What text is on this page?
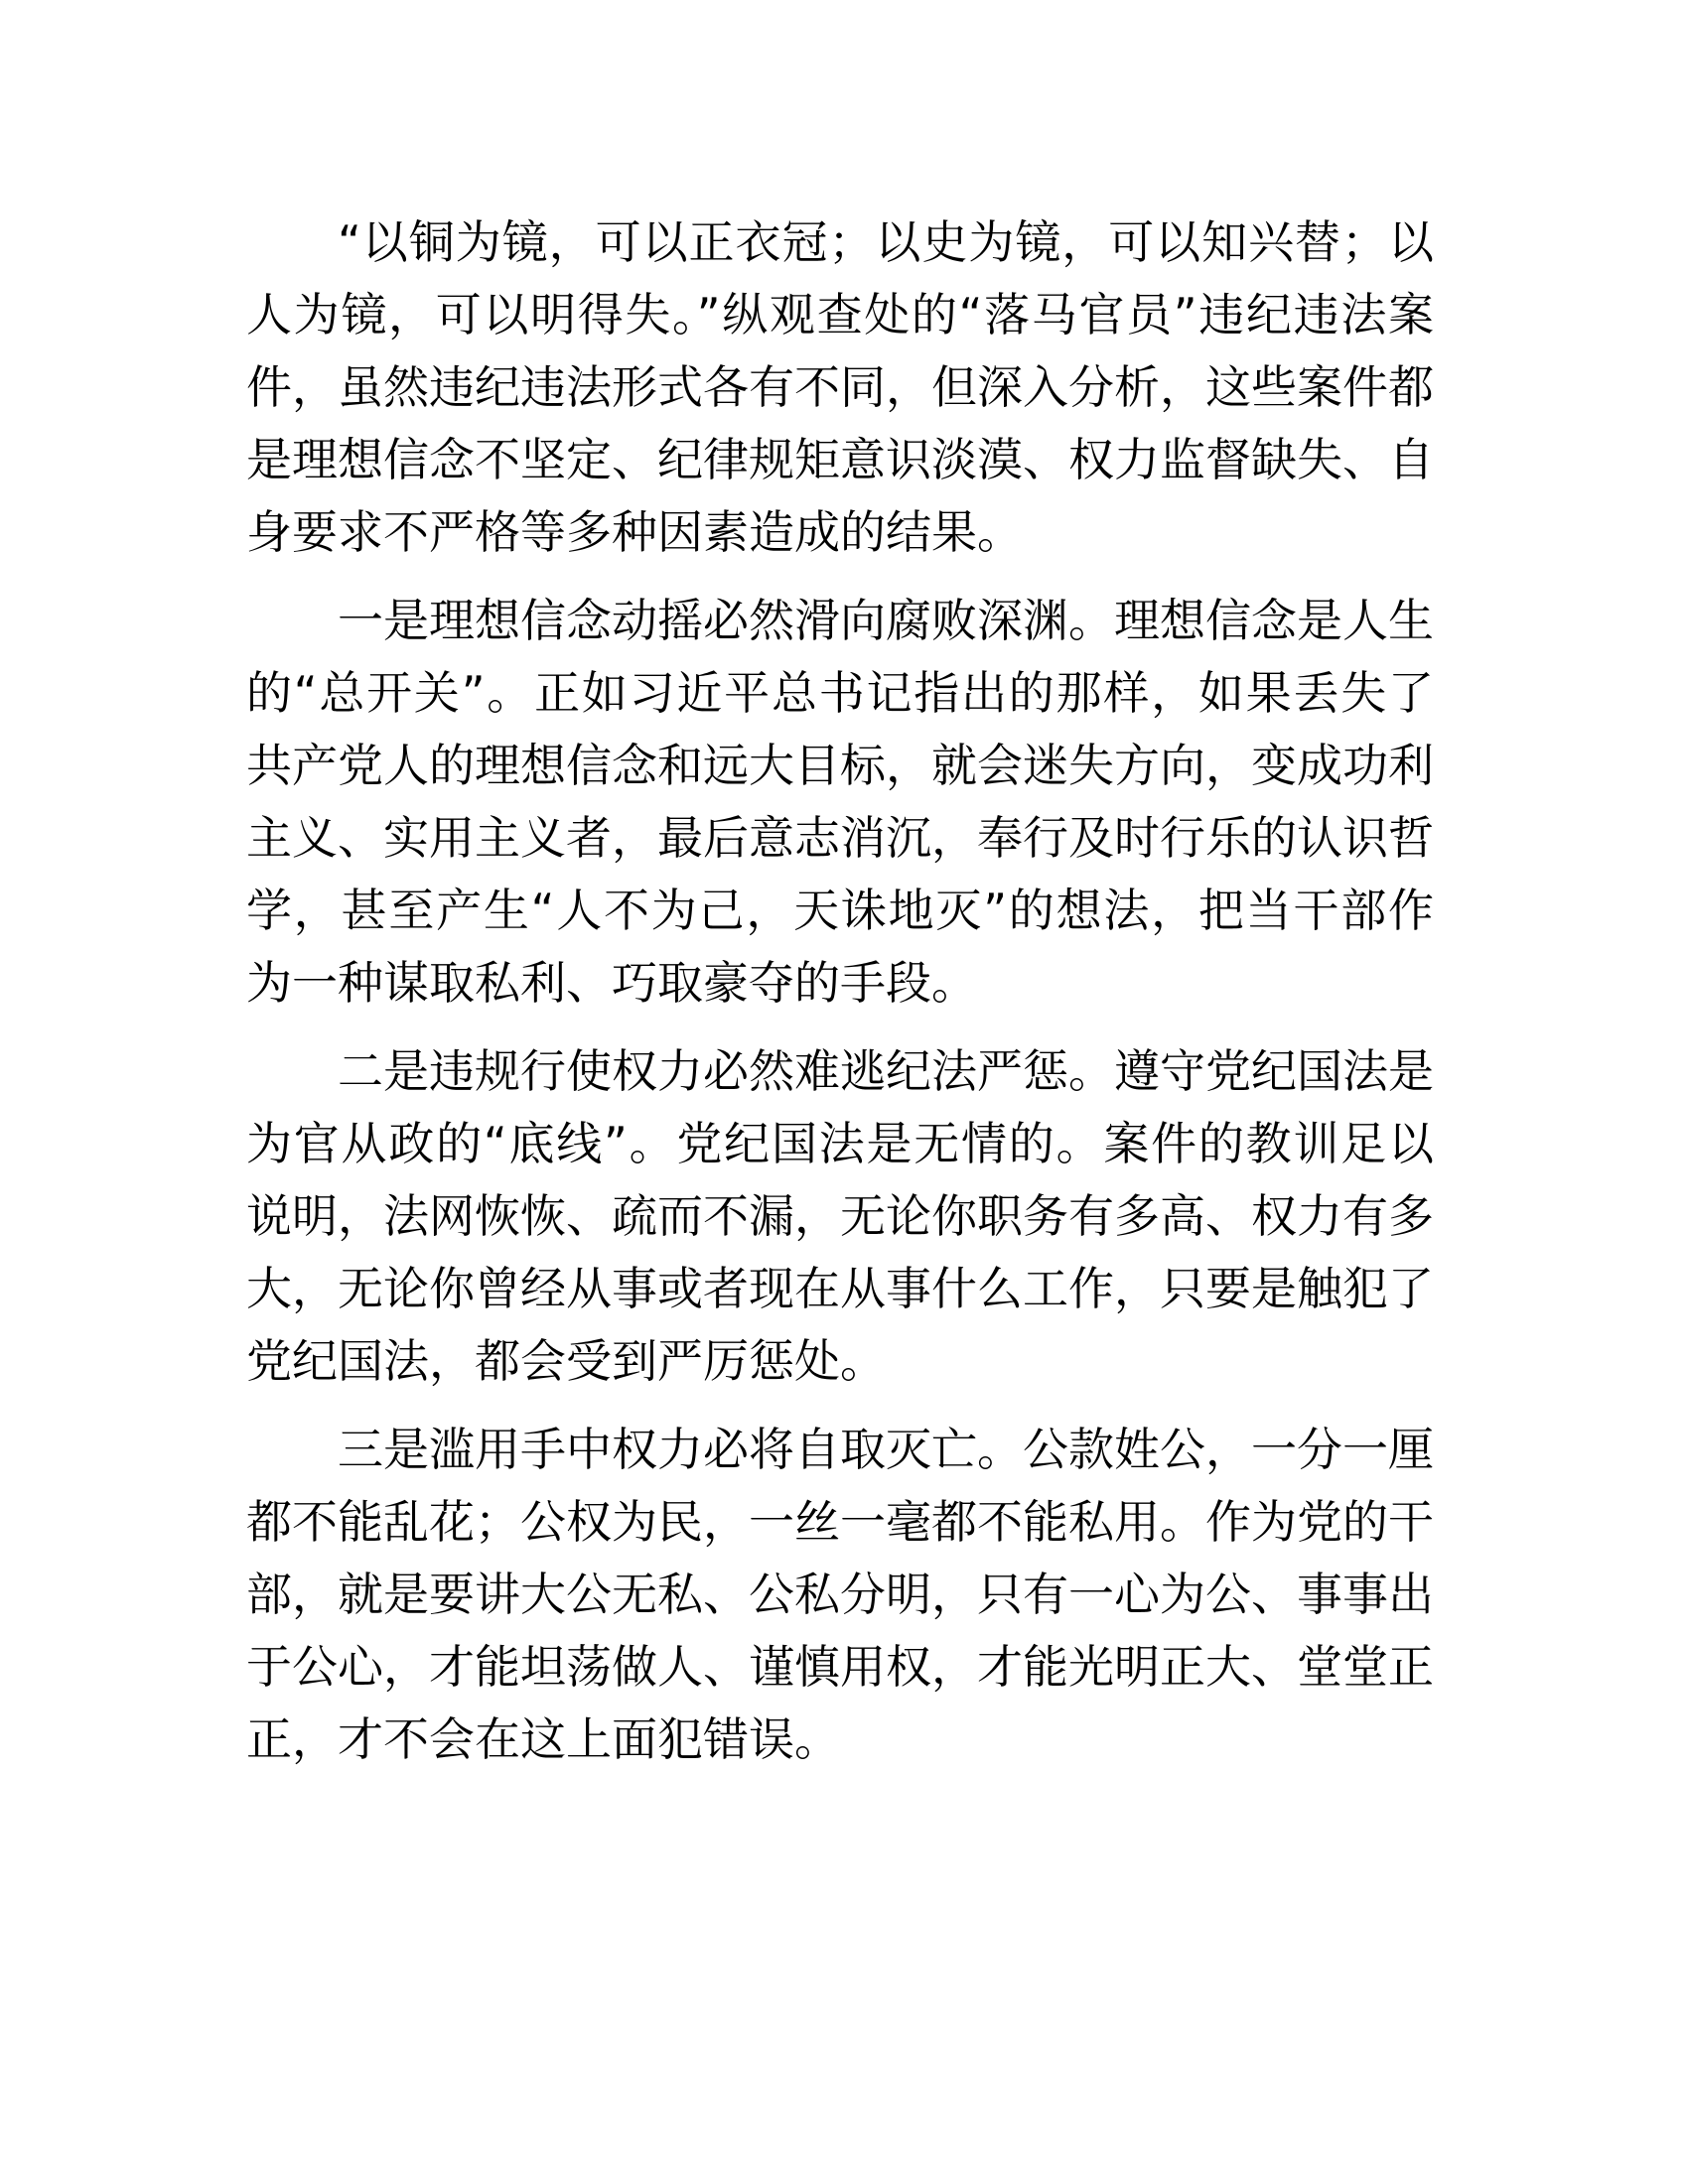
“以铜为镜，可以正衣冠；以史为镜，可以知兴替；以人为镜，可以明得失。”纵观查处的“落马官员”违纪违法案件，虽然违纪违法形式各有不同，但深入分析，这些案件都是理想信念不坚定、纪律规矩意识淡漠、权力监督缺失、自身要求不严格等多种因素造成的结果。

一是理想信念动摇必然滑向腐败深渊。理想信念是人生的“总开关”。正如习近平总书记指出的那样，如果丢失了共产党人的理想信念和远大目标，就会迷失方向，变成功利主义、实用主义者，最后意志消沉，奉行及时行乐的认识哲学，甚至产生“人不为己，天诛地灭”的想法，把当干部作为一种谋取私利、巧取豪夺的手段。

二是违规行使权力必然难逃纪法严惩。遵守党纪国法是为官从政的“底线”。党纪国法是无情的。案件的教训足以说明，法网恢恢、疏而不漏，无论你职务有多高、权力有多大，无论你曾经从事或者现在从事什么工作，只要是触犯了党纪国法，都会受到严厉惩处。

三是滥用手中权力必将自取灭亡。公款姓公，一分一厘都不能乱花；公权为民，一丝一毫都不能私用。作为党的干部，就是要讲大公无私、公私分明，只有一心为公、事事出于公心，才能坦荡做人、谨慎用权，才能光明正大、堂堂正正，才不会在这上面犯错误。
